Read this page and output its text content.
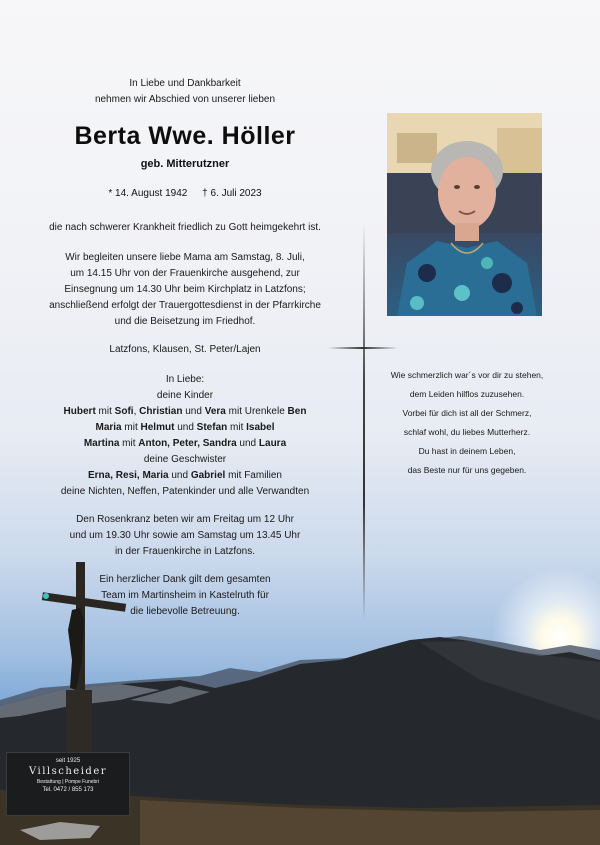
In Liebe und Dankbarkeit
nehmen wir Abschied von unserer lieben
Berta Wwe. Höller
geb. Mitterutzner
* 14. August 1942 † 6. Juli 2023
die nach schwerer Krankheit friedlich zu Gott heimgekehrt ist.
Wir begleiten unsere liebe Mama am Samstag, 8. Juli,
um 14.15 Uhr von der Frauenkirche ausgehend, zur
Einsegnung um 14.30 Uhr beim Kirchplatz in Latzfons;
anschließend erfolgt der Trauergottesdienst in der Pfarrkirche
und die Beisetzung im Friedhof.
Latzfons, Klausen, St. Peter/Lajen
In Liebe:
deine Kinder
Hubert mit Sofi, Christian und Vera mit Urenkele Ben
Maria mit Helmut und Stefan mit Isabel
Martina mit Anton, Peter, Sandra und Laura
deine Geschwister
Erna, Resi, Maria und Gabriel mit Familien
deine Nichten, Neffen, Patenkinder und alle Verwandten
Den Rosenkranz beten wir am Freitag um 12 Uhr
und um 19.30 Uhr sowie am Samstag um 13.45 Uhr
in der Frauenkirche in Latzfons.
Ein herzlicher Dank gilt dem gesamten
Team im Martinsheim in Kastelruth für
die liebevolle Betreuung.
Wie schmerzlich war´s vor dir zu stehen,
dem Leiden hilflos zuzusehen.
Vorbei für dich ist all der Schmerz,
schlaf wohl, du liebes Mutterherz.
Du hast in deinem Leben,
das Beste nur für uns gegeben.
seit 1925
Villscheider
Bestattung | Pompe Funebri
Tel. 0472 / 855 173
